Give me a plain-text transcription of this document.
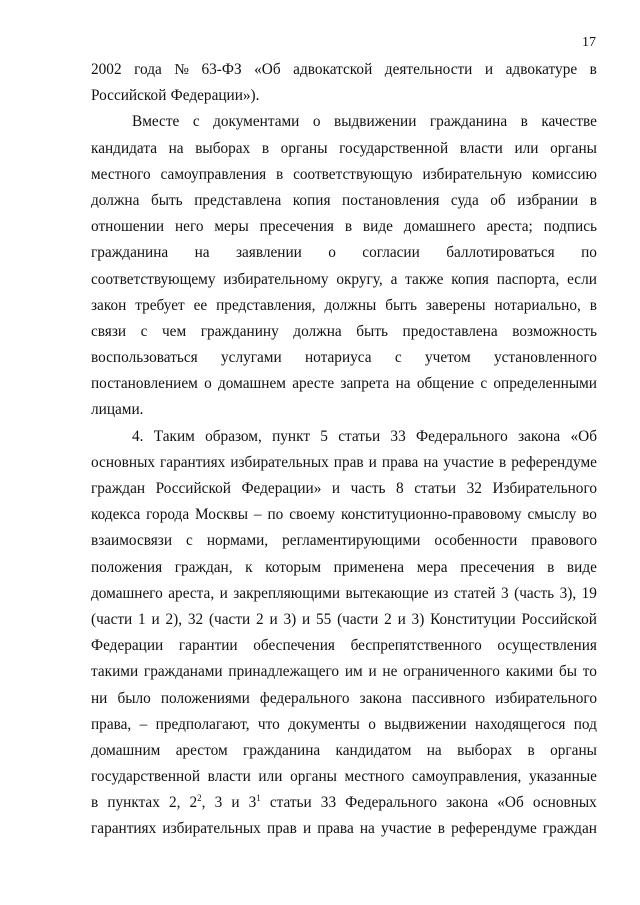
17
2002 года № 63-ФЗ «Об адвокатской деятельности и адвокатуре в
Российской Федерации»).
Вместе с документами о выдвижении гражданина в качестве
кандидата на выборах в органы государственной власти или органы
местного самоуправления в соответствующую избирательную комиссию
должна быть представлена копия постановления суда об избрании в
отношении него меры пресечения в виде домашнего ареста; подпись
гражданина на заявлении о согласии баллотироваться по
соответствующему избирательному округу, а также копия паспорта, если
закон требует ее представления, должны быть заверены нотариально, в
связи с чем гражданину должна быть предоставлена возможность
воспользоваться услугами нотариуса с учетом установленного
постановлением о домашнем аресте запрета на общение с определенными
лицами.
4. Таким образом, пункт 5 статьи 33 Федерального закона «Об
основных гарантиях избирательных прав и права на участие в референдуме
граждан Российской Федерации» и часть 8 статьи 32 Избирательного
кодекса города Москвы – по своему конституционно-правовому смыслу во
взаимосвязи с нормами, регламентирующими особенности правового
положения граждан, к которым применена мера пресечения в виде
домашнего ареста, и закрепляющими вытекающие из статей 3 (часть 3), 19
(части 1 и 2), 32 (части 2 и 3) и 55 (части 2 и 3) Конституции Российской
Федерации гарантии обеспечения беспрепятственного осуществления
такими гражданами принадлежащего им и не ограниченного какими бы то
ни было положениями федерального закона пассивного избирательного
права, – предполагают, что документы о выдвижении находящегося под
домашним арестом гражданина кандидатом на выборах в органы
государственной власти или органы местного самоуправления, указанные
в пунктах 2, $2^2$, 3 и $3^1$ статьи 33 Федерального закона «Об основных
гарантиях избирательных прав и права на участие в референдуме граждан
